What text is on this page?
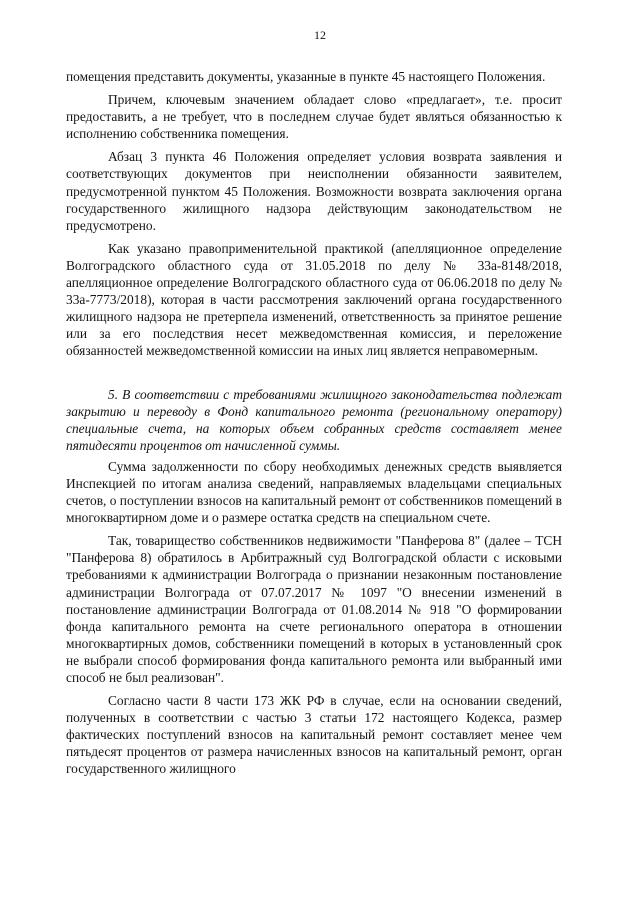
12

помещения представить документы, указанные в пункте 45 настоящего Положения.

Причем, ключевым значением обладает слово «предлагает», т.е. просит предоставить, а не требует, что в последнем случае будет являться обязанностью к исполнению собственника помещения.

Абзац 3 пункта 46 Положения определяет условия возврата заявления и соответствующих документов при неисполнении обязанности заявителем, предусмотренной пунктом 45 Положения. Возможности возврата заключения органа государственного жилищного надзора действующим законодательством не предусмотрено.

Как указано правоприменительной практикой (апелляционное определение Волгоградского областного суда от 31.05.2018 по делу № 33а-8148/2018, апелляционное определение Волгоградского областного суда от 06.06.2018 по делу № 33а-7773/2018), которая в части рассмотрения заключений органа государственного жилищного надзора не претерпела изменений, ответственность за принятое решение или за его последствия несет межведомственная комиссия, и переложение обязанностей межведомственной комиссии на иных лиц является неправомерным.

5. В соответствии с требованиями жилищного законодательства подлежат закрытию и переводу в Фонд капитального ремонта (региональному оператору) специальные счета, на которых объем собранных средств составляет менее пятидесяти процентов от начисленной суммы.

Сумма задолженности по сбору необходимых денежных средств выявляется Инспекцией по итогам анализа сведений, направляемых владельцами специальных счетов, о поступлении взносов на капитальный ремонт от собственников помещений в многоквартирном доме и о размере остатка средств на специальном счете.

Так, товарищество собственников недвижимости "Панферова 8" (далее – ТСН "Панферова 8) обратилось в Арбитражный суд Волгоградской области с исковыми требованиями к администрации Волгограда о признании незаконным постановление администрации Волгограда от 07.07.2017 № 1097 "О внесении изменений в постановление администрации Волгограда от 01.08.2014 № 918 "О формировании фонда капитального ремонта на счете регионального оператора в отношении многоквартирных домов, собственники помещений в которых в установленный срок не выбрали способ формирования фонда капитального ремонта или выбранный ими способ не был реализован".

Согласно части 8 части 173 ЖК РФ в случае, если на основании сведений, полученных в соответствии с частью 3 статьи 172 настоящего Кодекса, размер фактических поступлений взносов на капитальный ремонт составляет менее чем пятьдесят процентов от размера начисленных взносов на капитальный ремонт, орган государственного жилищного
